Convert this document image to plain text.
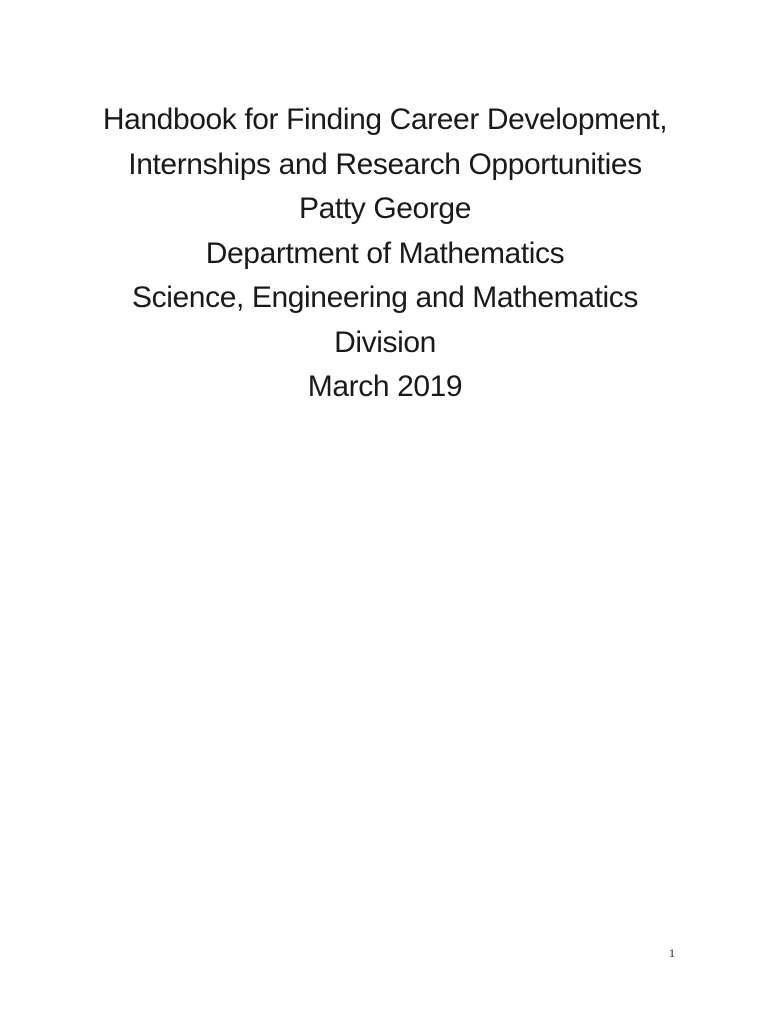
Handbook for Finding Career Development,
Internships and Research Opportunities
Patty George
Department of Mathematics
Science, Engineering and Mathematics
Division
March 2019
1
